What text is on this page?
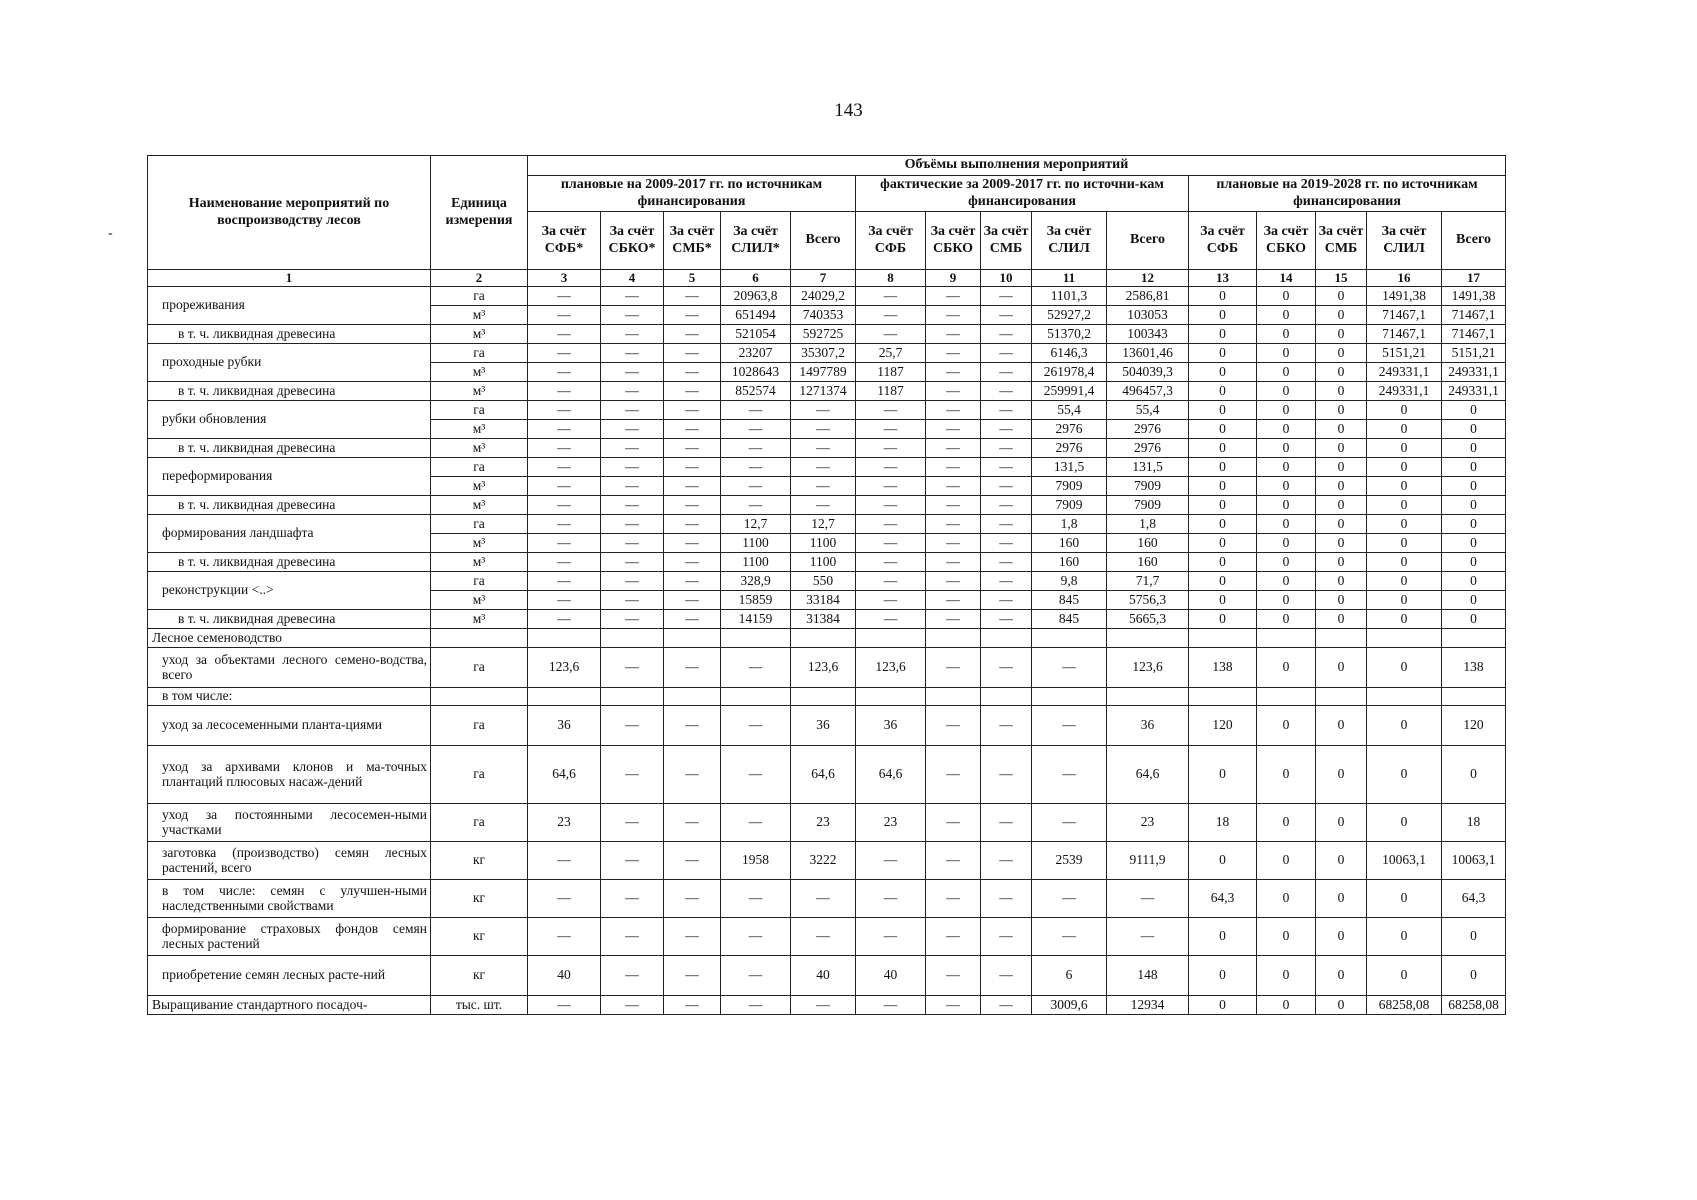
143
-
Наименование мероприятий по воспроизводству лесов	Единица измерения	Объёмы выполнения мероприятий														
		плановые на 2009-2017 гг. по источникам финансирования					фактические за 2009-2017 гг. по источни-кам финансирования					плановые на 2019-2028 гг. по источникам финансирования				
		За счёт СФБ*	За счёт СБКО*	За счёт СМБ*	За счёт СЛИЛ*	Всего	За счёт СФБ	За счёт СБКО	За счёт СМБ	За счёт СЛИЛ	Всего	За счёт СФБ	За счёт СБКО	За счёт СМБ	За счёт СЛИЛ	Всего
1	2	3	4	5	6	7	8	9	10	11	12	13	14	15	16	17
прореживания	га	—	—	—	20963,8	24029,2	—	—	—	1101,3	2586,81	0	0	0	1491,38	1491,38
	м³	—	—	—	651494	740353	—	—	—	52927,2	103053	0	0	0	71467,1	71467,1
в т. ч. ликвидная древесина	м³	—	—	—	521054	592725	—	—	—	51370,2	100343	0	0	0	71467,1	71467,1
проходные рубки	га	—	—	—	23207	35307,2	25,7	—	—	6146,3	13601,46	0	0	0	5151,21	5151,21
	м³	—	—	—	1028643	1497789	1187	—	—	261978,4	504039,3	0	0	0	249331,1	249331,1
в т. ч. ликвидная древесина	м³	—	—	—	852574	1271374	1187	—	—	259991,4	496457,3	0	0	0	249331,1	249331,1
рубки обновления	га	—	—	—	—	—	—	—	—	55,4	55,4	0	0	0	0	0
	м³	—	—	—	—	—	—	—	—	2976	2976	0	0	0	0	0
в т. ч. ликвидная древесина	м³	—	—	—	—	—	—	—	—	2976	2976	0	0	0	0	0
переформирования	га	—	—	—	—	—	—	—	—	131,5	131,5	0	0	0	0	0
	м³	—	—	—	—	—	—	—	—	7909	7909	0	0	0	0	0
в т. ч. ликвидная древесина	м³	—	—	—	—	—	—	—	—	7909	7909	0	0	0	0	0
формирования ландшафта	га	—	—	—	12,7	12,7	—	—	—	1,8	1,8	0	0	0	0	0
	м³	—	—	—	1100	1100	—	—	—	160	160	0	0	0	0	0
в т. ч. ликвидная древесина	м³	—	—	—	1100	1100	—	—	—	160	160	0	0	0	0	0
реконструкции <..>	га	—	—	—	328,9	550	—	—	—	9,8	71,7	0	0	0	0	0
	м³	—	—	—	15859	33184	—	—	—	845	5756,3	0	0	0	0	0
в т. ч. ликвидная древесина	м³	—	—	—	14159	31384	—	—	—	845	5665,3	0	0	0	0	0
Лесное семеноводство																
уход за объектами лесного семено-водства, всего	га	123,6	—	—	—	123,6	123,6	—	—	—	123,6	138	0	0	0	138
в том числе:																
уход за лесосеменными планта-циями	га	36	—	—	—	36	36	—	—	—	36	120	0	0	0	120
уход за архивами клонов и ма-точных плантаций плюсовых насаж-дений	га	64,6	—	—	—	64,6	64,6	—	—	—	64,6	0	0	0	0	0
уход за постоянными лесосемен-ными участками	га	23	—	—	—	23	23	—	—	—	23	18	0	0	0	18
заготовка (производство) семян лесных растений, всего	кг	—	—	—	1958	3222	—	—	—	2539	9111,9	0	0	0	10063,1	10063,1
в том числе: семян с улучшен-ными наследственными свойствами	кг	—	—	—	—	—	—	—	—	—	—	64,3	0	0	0	64,3
формирование страховых фондов семян лесных растений	кг	—	—	—	—	—	—	—	—	—	—	0	0	0	0	0
приобретение семян лесных расте-ний	кг	40	—	—	—	40	40	—	—	6	148	0	0	0	0	0
Выращивание стандартного посадоч-	тыс. шт.	—	—	—	—	—	—	—	—	3009,6	12934	0	0	0	68258,08	68258,08
